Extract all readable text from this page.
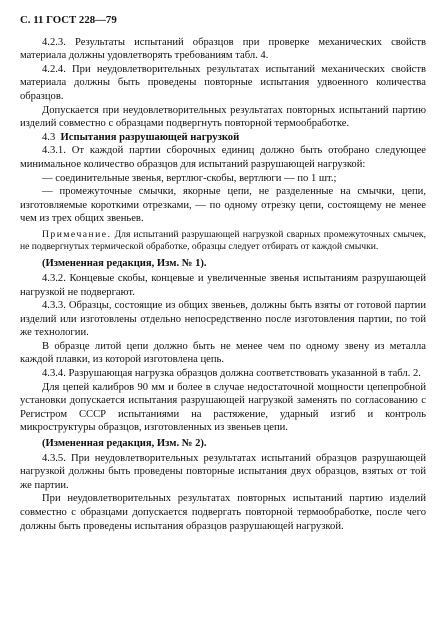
С. 11 ГОСТ 228—79

4.2.3. Результаты испытаний образцов при проверке механических свойств материала должны удовлетворять требованиям табл. 4.

4.2.4. При неудовлетворительных результатах испытаний механических свойств материала должны быть проведены повторные испытания удвоенного количества образцов.

Допускается при неудовлетворительных результатах повторных испытаний партию изделий совместно с образцами подвергнуть повторной термообработке.

4.3 Испытания разрушающей нагрузкой

4.3.1. От каждой партии сборочных единиц должно быть отобрано следующее минимальное количество образцов для испытаний разрушающей нагрузкой:

— соединительные звенья, вертлюг-скобы, вертлюги — по 1 шт.;

— промежуточные смычки, якорные цепи, не разделенные на смычки, цепи, изготовляемые короткими отрезками, — по одному отрезку цепи, состоящему не менее чем из трех общих звеньев.

Примечание. Для испытаний разрушающей нагрузкой сварных промежуточных смычек, не подвергнутых термической обработке, образцы следует отбирать от каждой смычки.

(Измененная редакция, Изм. № 1).

4.3.2. Концевые скобы, концевые и увеличенные звенья испытаниям разрушающей нагрузкой не подвергают.

4.3.3. Образцы, состоящие из общих звеньев, должны быть взяты от готовой партии изделий или изготовлены отдельно непосредственно после изготовления партии, по той же технологии.

В образце литой цепи должно быть не менее чем по одному звену из металла каждой плавки, из которой изготовлена цепь.

4.3.4. Разрушающая нагрузка образцов должна соответствовать указанной в табл. 2.

Для цепей калибров 90 мм и более в случае недостаточной мощности цепепробной установки допускается испытания разрушающей нагрузкой заменять по согласованию с Регистром СССР испытаниями на растяжение, ударный изгиб и контроль микроструктуры образцов, изготовленных из звеньев цепи.

(Измененная редакция, Изм. № 2).

4.3.5. При неудовлетворительных результатах испытаний образцов разрушающей нагрузкой должны быть проведены повторные испытания двух образцов, взятых от той же партии.

При неудовлетворительных результатах повторных испытаний партию изделий совместно с образцами допускается подвергать повторной термообработке, после чего должны быть проведены испытания образцов разрушающей нагрузкой.
